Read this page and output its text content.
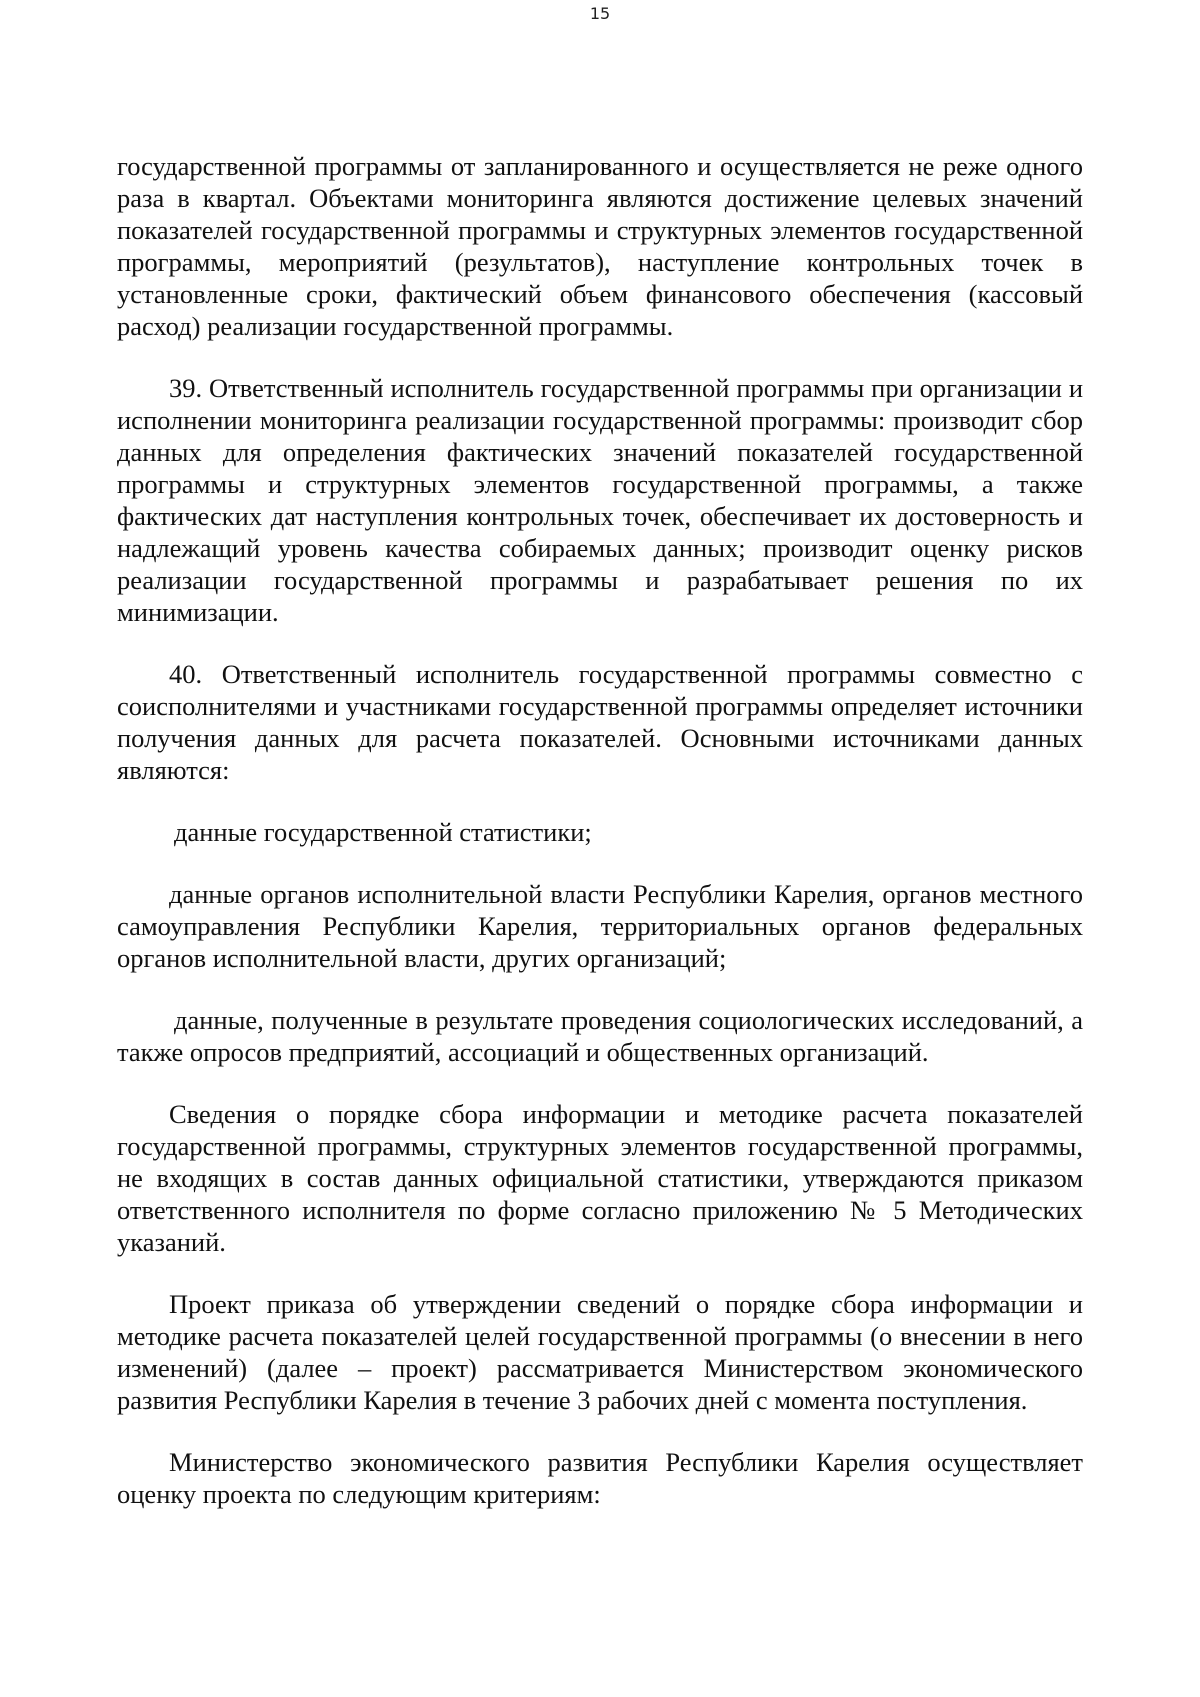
15

государственной программы от запланированного и осуществляется не реже одного раза в квартал. Объектами мониторинга являются достижение целевых значений показателей государственной программы и структурных элементов государственной программы, мероприятий (результатов), наступление контрольных точек в установленные сроки, фактический объем финансового обеспечения (кассовый расход) реализации государственной программы.

39. Ответственный исполнитель государственной программы при организации и исполнении мониторинга реализации государственной программы: производит сбор данных для определения фактических значений показателей государственной программы и структурных элементов государственной программы, а также фактических дат наступления контрольных точек, обеспечивает их достоверность и надлежащий уровень качества собираемых данных; производит оценку рисков реализации государственной программы и разрабатывает решения по их минимизации.

40. Ответственный исполнитель государственной программы совместно с соисполнителями и участниками государственной программы определяет источники получения данных для расчета показателей. Основными источниками данных являются:

данные государственной статистики;

данные органов исполнительной власти Республики Карелия, органов местного самоуправления Республики Карелия, территориальных органов федеральных органов исполнительной власти, других организаций;

данные, полученные в результате проведения социологических исследований, а также опросов предприятий, ассоциаций и общественных организаций.

Сведения о порядке сбора информации и методике расчета показателей государственной программы, структурных элементов государственной программы, не входящих в состав данных официальной статистики, утверждаются приказом ответственного исполнителя по форме согласно приложению № 5 Методических указаний.

Проект приказа об утверждении сведений о порядке сбора информации и методике расчета показателей целей государственной программы (о внесении в него изменений) (далее – проект) рассматривается Министерством экономического развития Республики Карелия в течение 3 рабочих дней с момента поступления.

Министерство экономического развития Республики Карелия осуществляет оценку проекта по следующим критериям:
